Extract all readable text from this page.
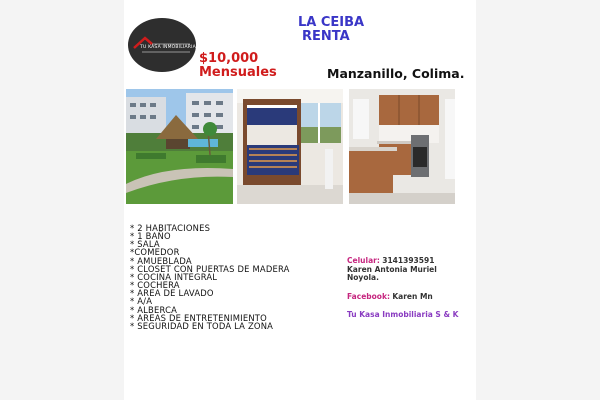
TU KASA INMOBILIARIA S & K
LA CEIBA
RENTA
$10,000
Mensuales	Manzanillo, Colima.
* 2 HABITACIONES
* 1 BAÑO
* SALA
*COMEDOR
* AMUEBLADA
* CLOSET CON PUERTAS DE MADERA
* COCINA INTEGRAL
* COCHERA
* AREA DE LAVADO
* A/A
* ALBERCA
* AREAS DE ENTRETENIMIENTO
* SEGURIDAD EN TODA LA ZONA
Celular: 3141393591
Karen Antonia Muriel
Noyola.
Facebook: Karen Mn
Tu Kasa Inmobiliaria S & K
